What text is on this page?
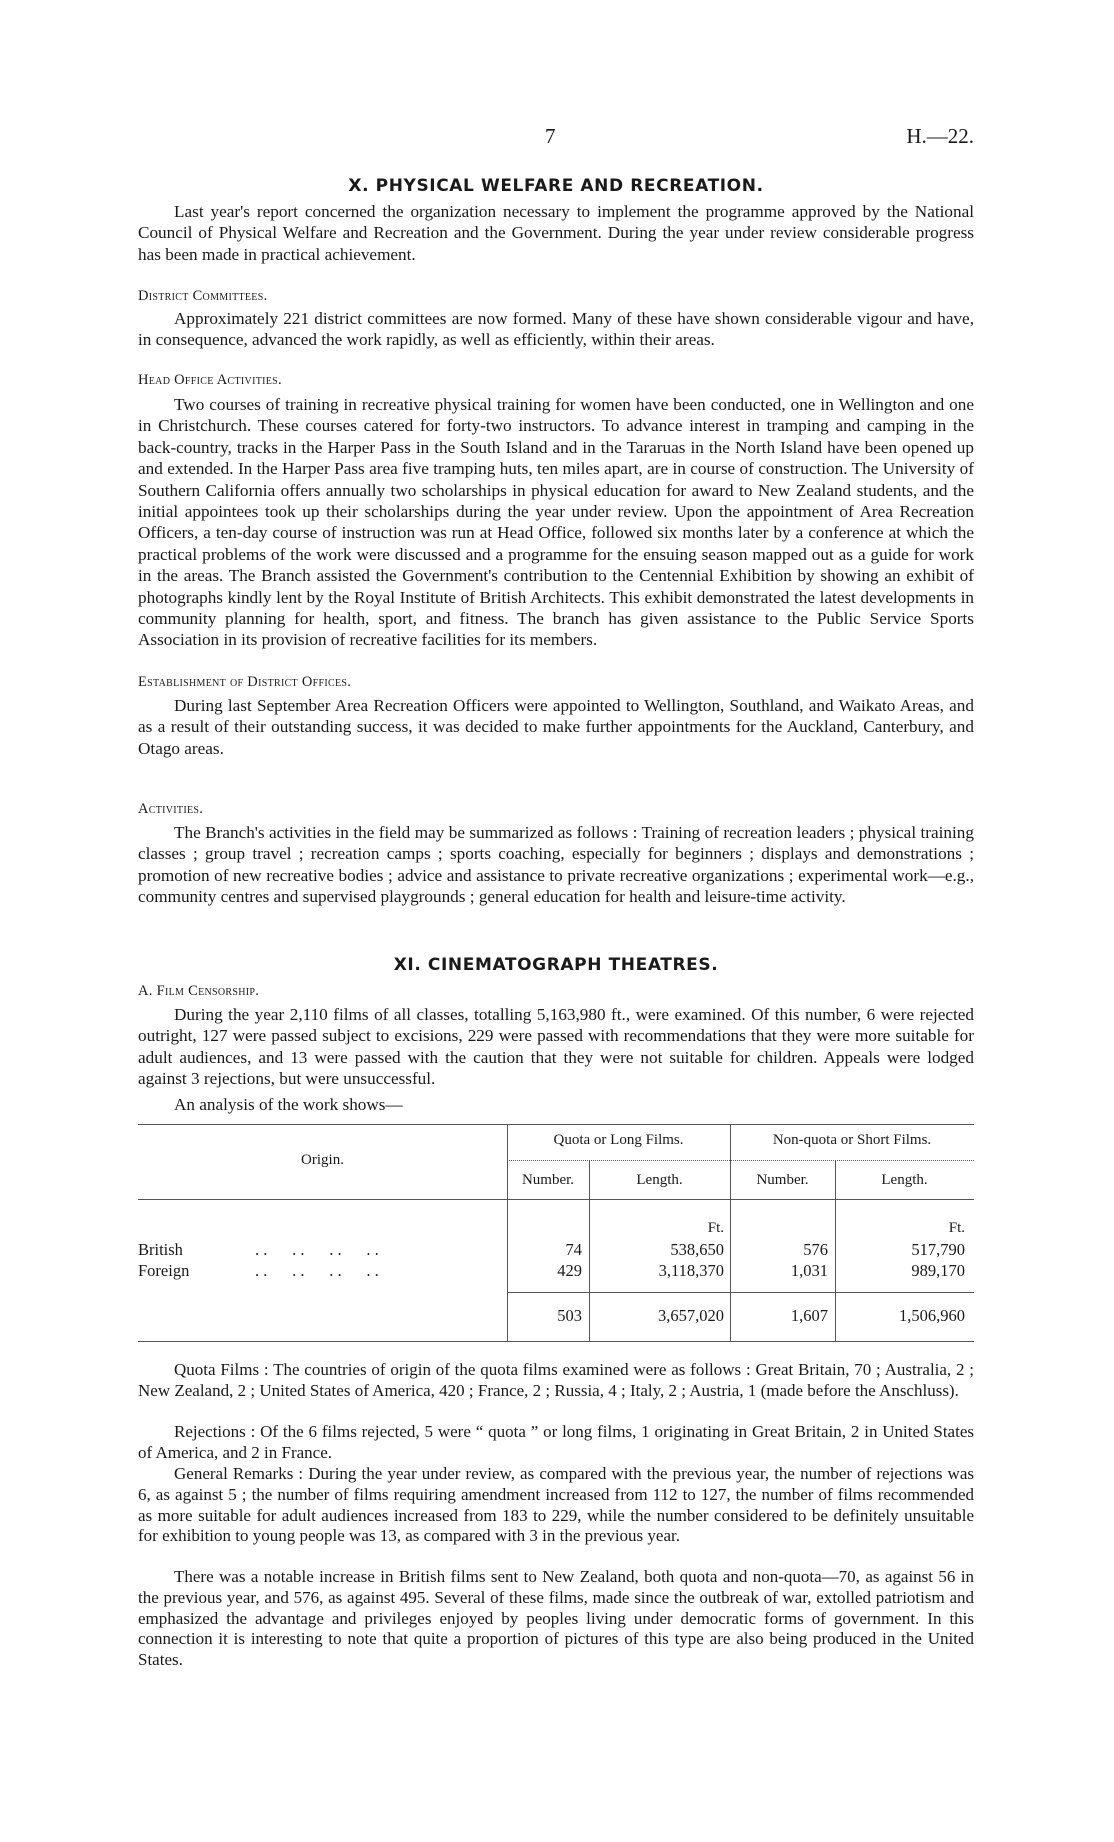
7	H.—22.
X. PHYSICAL WELFARE AND RECREATION.

Last year's report concerned the organization necessary to implement the programme approved by the National Council of Physical Welfare and Recreation and the Government. During the year under review considerable progress has been made in practical achievement.

District Committees.

Approximately 221 district committees are now formed. Many of these have shown considerable vigour and have, in consequence, advanced the work rapidly, as well as efficiently, within their areas.

Head Office Activities.

Two courses of training in recreative physical training for women have been conducted, one in Wellington and one in Christchurch. These courses catered for forty-two instructors. To advance interest in tramping and camping in the back-country, tracks in the Harper Pass in the South Island and in the Tararuas in the North Island have been opened up and extended. In the Harper Pass area five tramping huts, ten miles apart, are in course of construction. The University of Southern California offers annually two scholarships in physical education for award to New Zealand students, and the initial appointees took up their scholarships during the year under review. Upon the appointment of Area Recreation Officers, a ten-day course of instruction was run at Head Office, followed six months later by a conference at which the practical problems of the work were discussed and a programme for the ensuing season mapped out as a guide for work in the areas. The Branch assisted the Government's contribution to the Centennial Exhibition by showing an exhibit of photographs kindly lent by the Royal Institute of British Architects. This exhibit demonstrated the latest developments in community planning for health, sport, and fitness. The branch has given assistance to the Public Service Sports Association in its provision of recreative facilities for its members.

Establishment of District Offices.

During last September Area Recreation Officers were appointed to Wellington, Southland, and Waikato Areas, and as a result of their outstanding success, it was decided to make further appointments for the Auckland, Canterbury, and Otago areas.

Activities.

The Branch's activities in the field may be summarized as follows : Training of recreation leaders ; physical training classes ; group travel ; recreation camps ; sports coaching, especially for beginners ; displays and demonstrations ; promotion of new recreative bodies ; advice and assistance to private recreative organizations ; experimental work—e.g., community centres and supervised playgrounds ; general education for health and leisure-time activity.

XI. CINEMATOGRAPH THEATRES.
A. Film Censorship.

During the year 2,110 films of all classes, totalling 5,163,980 ft., were examined. Of this number, 6 were rejected outright, 127 were passed subject to excisions, 229 were passed with recommendations that they were more suitable for adult audiences, and 13 were passed with the caution that they were not suitable for children. Appeals were lodged against 3 rejections, but were unsuccessful.

An analysis of the work shows—

Origin.
Quota or Long Films.	Non-quota or Short Films.
Number.	Length.	Number.	Length.
Ft.	Ft.
British	. .      . .      . .      . .	74	538,650	576	517,790
Foreign	. .      . .      . .      . .	429	3,118,370	1,031	989,170
503	3,657,020	1,607	1,506,960

Quota Films : The countries of origin of the quota films examined were as follows : Great Britain, 70 ; Australia, 2 ; New Zealand, 2 ; United States of America, 420 ; France, 2 ; Russia, 4 ; Italy, 2 ; Austria, 1 (made before the Anschluss).

Rejections : Of the 6 films rejected, 5 were “ quota ” or long films, 1 originating in Great Britain, 2 in United States of America, and 2 in France.

General Remarks : During the year under review, as compared with the previous year, the number of rejections was 6, as against 5 ; the number of films requiring amendment increased from 112 to 127, the number of films recommended as more suitable for adult audiences increased from 183 to 229, while the number considered to be definitely unsuitable for exhibition to young people was 13, as compared with 3 in the previous year.

There was a notable increase in British films sent to New Zealand, both quota and non-quota—70, as against 56 in the previous year, and 576, as against 495. Several of these films, made since the outbreak of war, extolled patriotism and emphasized the advantage and privileges enjoyed by peoples living under democratic forms of government. In this connection it is interesting to note that quite a proportion of pictures of this type are also being produced in the United States.
